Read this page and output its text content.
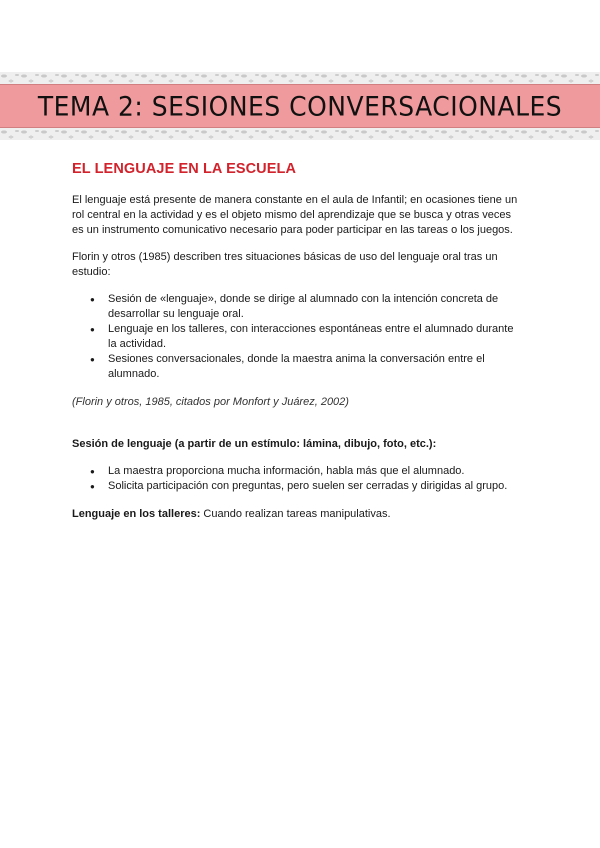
TEMA 2: SESIONES CONVERSACIONALES
EL LENGUAJE EN LA ESCUELA

El lenguaje está presente de manera constante en el aula de Infantil; en ocasiones tiene un rol central en la actividad y es el objeto mismo del aprendizaje que se busca y otras veces es un instrumento comunicativo necesario para poder participar en las tareas o los juegos.

Florin y otros (1985) describen tres situaciones básicas de uso del lenguaje oral tras un estudio:

● Sesión de «lenguaje», donde se dirige al alumnado con la intención concreta de desarrollar su lenguaje oral.
● Lenguaje en los talleres, con interacciones espontáneas entre el alumnado durante la actividad.
● Sesiones conversacionales, donde la maestra anima la conversación entre el alumnado.

(Florin y otros, 1985, citados por Monfort y Juárez, 2002)

Sesión de lenguaje (a partir de un estímulo: lámina, dibujo, foto, etc.):

● La maestra proporciona mucha información, habla más que el alumnado.
● Solicita participación con preguntas, pero suelen ser cerradas y dirigidas al grupo.

Lenguaje en los talleres: Cuando realizan tareas manipulativas.
